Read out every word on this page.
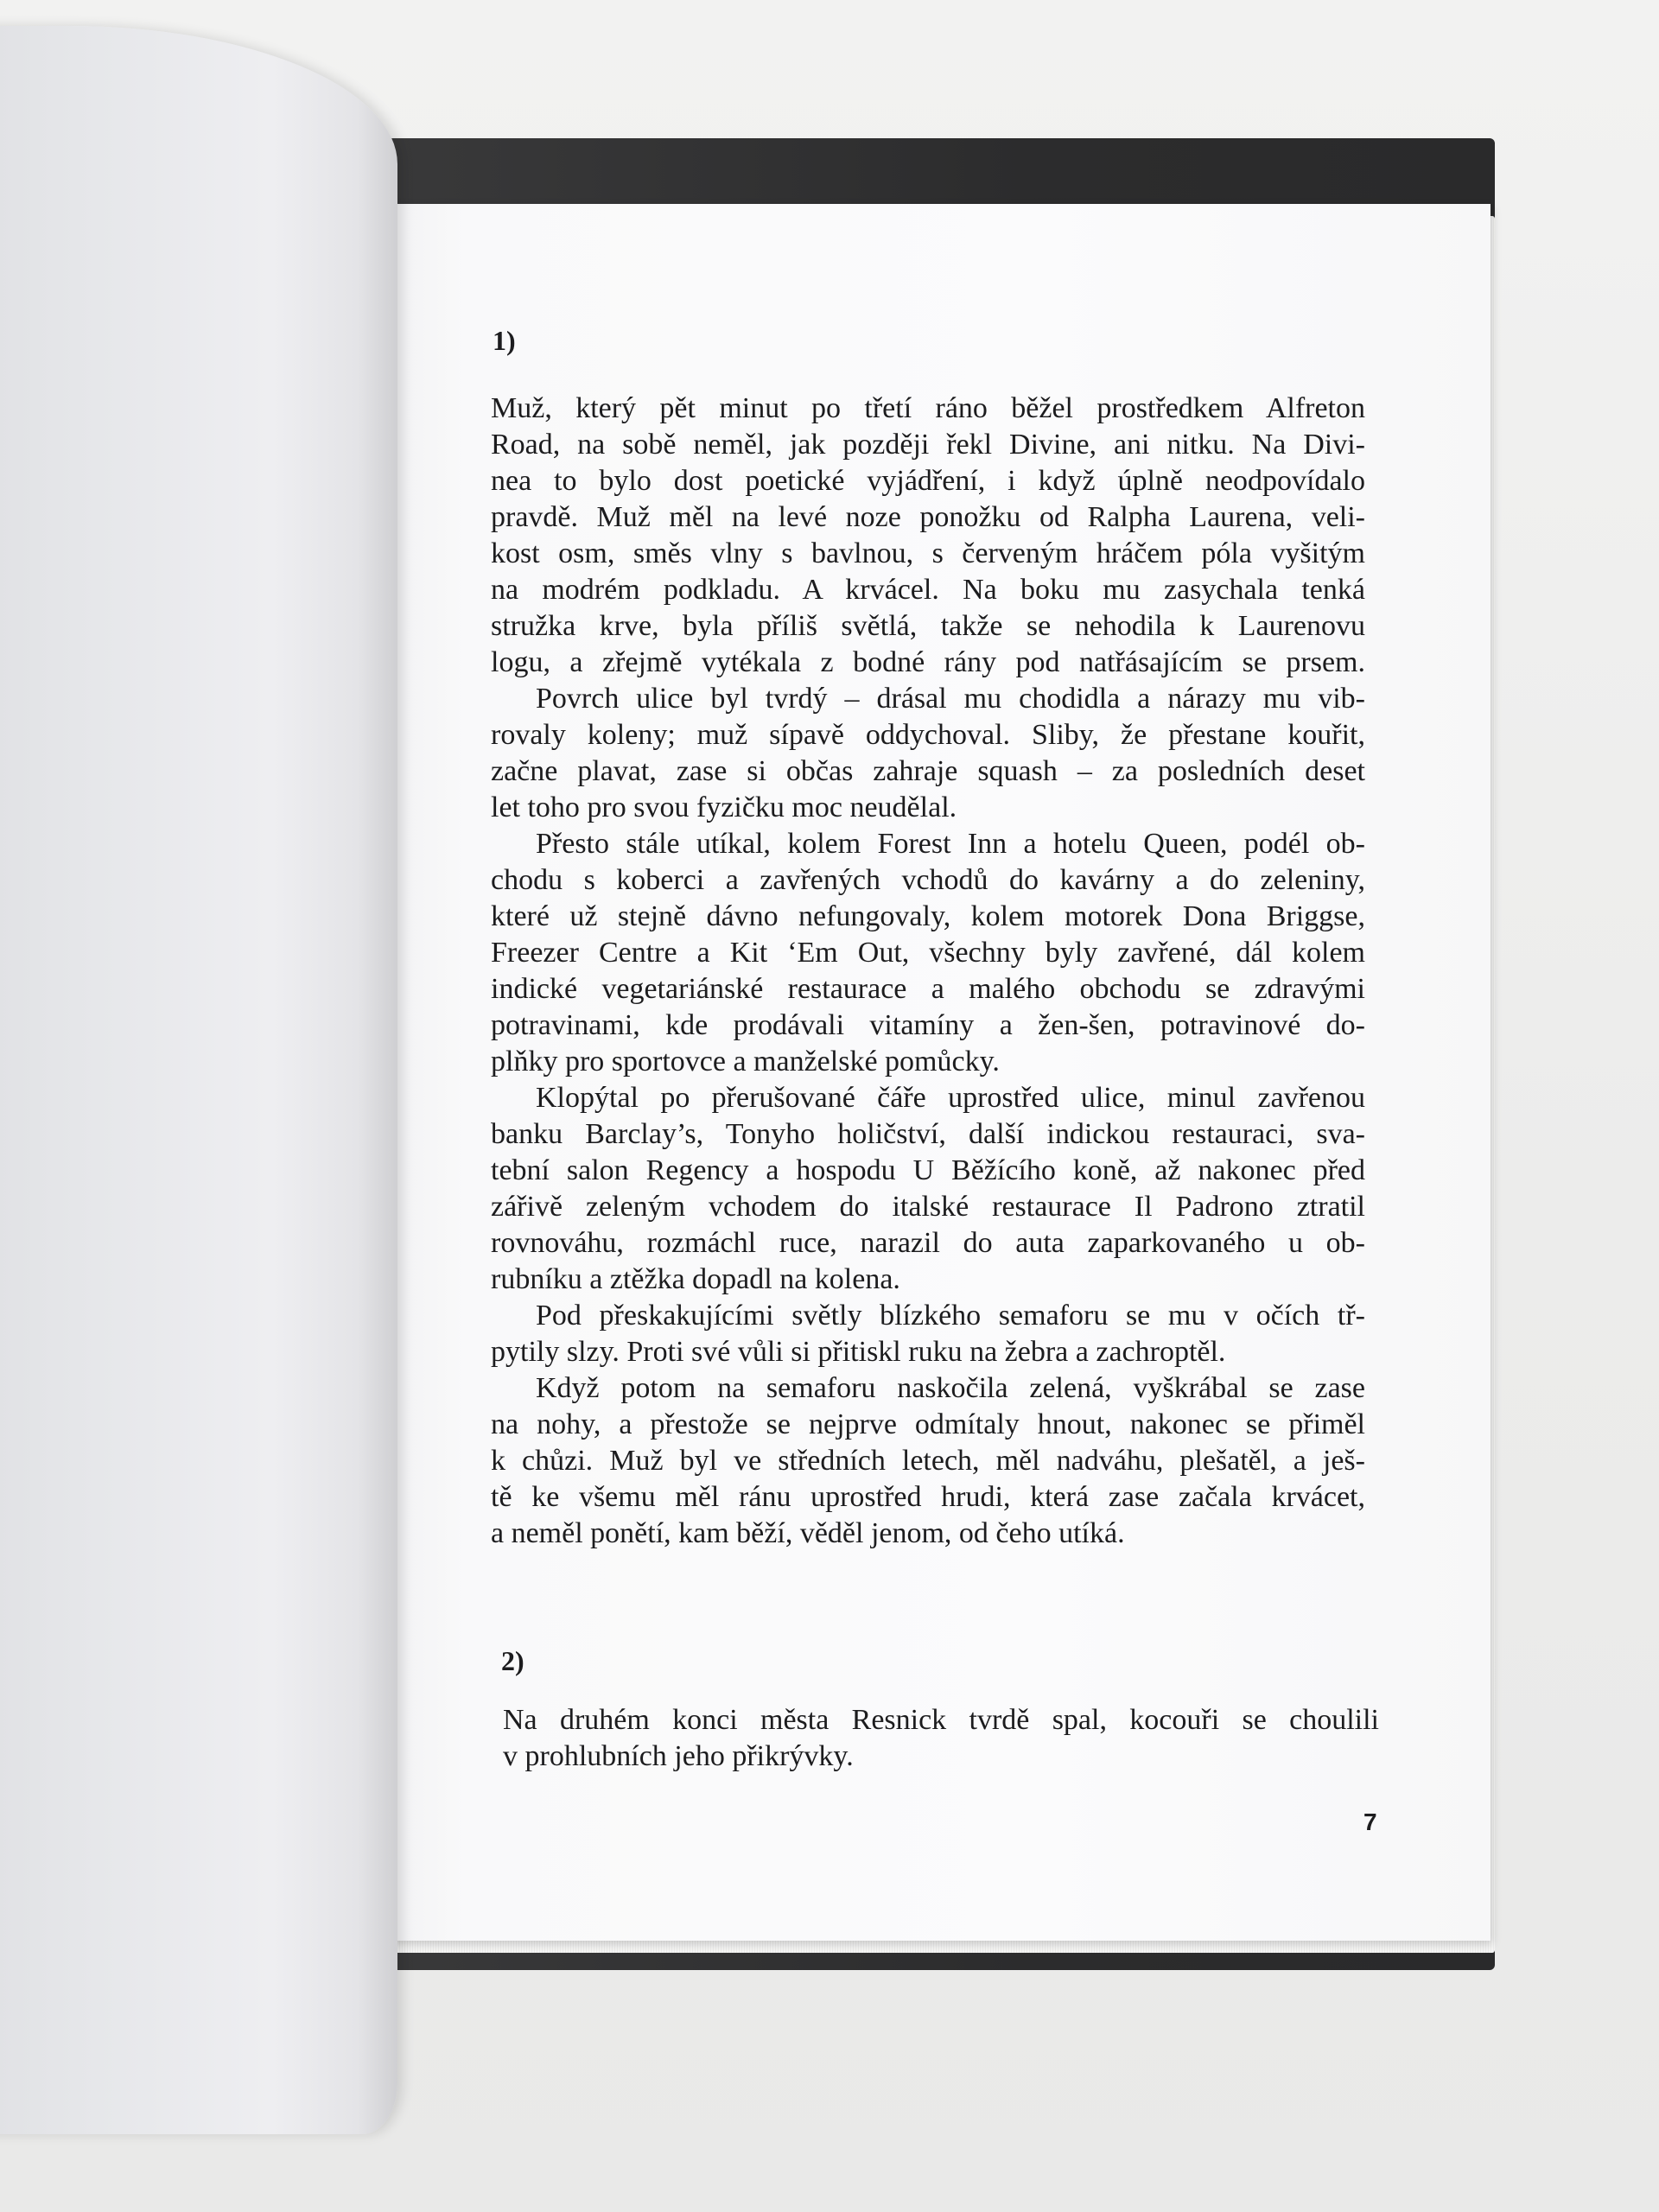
1)
Muž, který pět minut po třetí ráno běžel prostředkem Alfreton
Road, na sobě neměl, jak později řekl Divine, ani nitku. Na Divi-
nea to bylo dost poetické vyjádření, i když úplně neodpovídalo
pravdě. Muž měl na levé noze ponožku od Ralpha Laurena, veli-
kost osm, směs vlny s bavlnou, s červeným hráčem póla vyšitým
na modrém podkladu. A krvácel. Na boku mu zasychala tenká
stružka krve, byla příliš světlá, takže se nehodila k Laurenovu
logu, a zřejmě vytékala z bodné rány pod natřásajícím se prsem.
Povrch ulice byl tvrdý – drásal mu chodidla a nárazy mu vib-
rovaly koleny; muž sípavě oddychoval. Sliby, že přestane kouřit,
začne plavat, zase si občas zahraje squash – za posledních deset
let toho pro svou fyzičku moc neudělal.
Přesto stále utíkal, kolem Forest Inn a hotelu Queen, podél ob-
chodu s koberci a zavřených vchodů do kavárny a do zeleniny,
které už stejně dávno nefungovaly, kolem motorek Dona Briggse,
Freezer Centre a Kit ‘Em Out, všechny byly zavřené, dál kolem
indické vegetariánské restaurace a malého obchodu se zdravými
potravinami, kde prodávali vitamíny a žen-šen, potravinové do-
plňky pro sportovce a manželské pomůcky.
Klopýtal po přerušované čáře uprostřed ulice, minul zavřenou
banku Barclay’s, Tonyho holičství, další indickou restauraci, sva-
tební salon Regency a hospodu U Běžícího koně, až nakonec před
zářivě zeleným vchodem do italské restaurace Il Padrono ztratil
rovnováhu, rozmáchl ruce, narazil do auta zaparkovaného u ob-
rubníku a ztěžka dopadl na kolena.
Pod přeskakujícími světly blízkého semaforu se mu v očích tř-
pytily slzy. Proti své vůli si přitiskl ruku na žebra a zachroptěl.
Když potom na semaforu naskočila zelená, vyškrábal se zase
na nohy, a přestože se nejprve odmítaly hnout, nakonec se přiměl
k chůzi. Muž byl ve středních letech, měl nadváhu, plešatěl, a ješ-
tě ke všemu měl ránu uprostřed hrudi, která zase začala krvácet,
a neměl ponětí, kam běží, věděl jenom, od čeho utíká.
2)
Na druhém konci města Resnick tvrdě spal, kocouři se choulili
v prohlubních jeho přikrývky.
7
